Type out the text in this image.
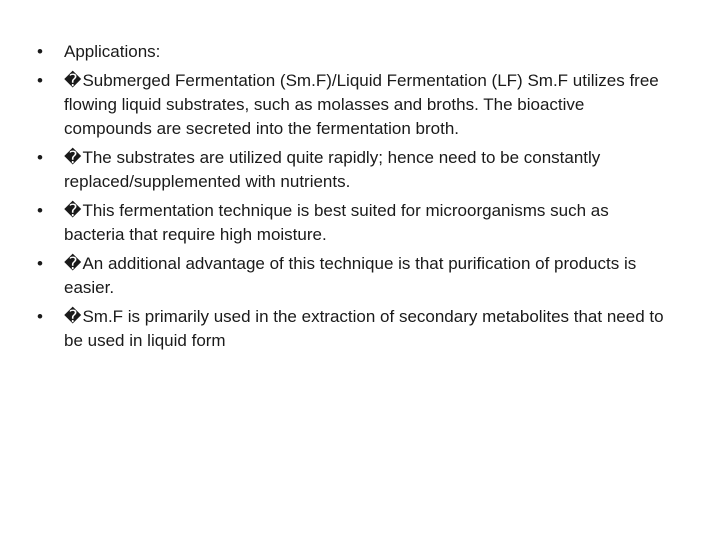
•	Applications:
•	�Submerged Fermentation (Sm.F)/Liquid Fermentation (LF) Sm.F utilizes free flowing liquid substrates, such as molasses and broths. The bioactive compounds are secreted into the fermentation broth.
•	�The substrates are utilized quite rapidly; hence need to be constantly replaced/supplemented with nutrients.
•	�This fermentation technique is best suited for microorganisms such as bacteria that require high moisture.
•	�An additional advantage of this technique is that purification of products is easier.
•	�Sm.F is primarily used in the extraction of secondary metabolites that need to be used in liquid form
